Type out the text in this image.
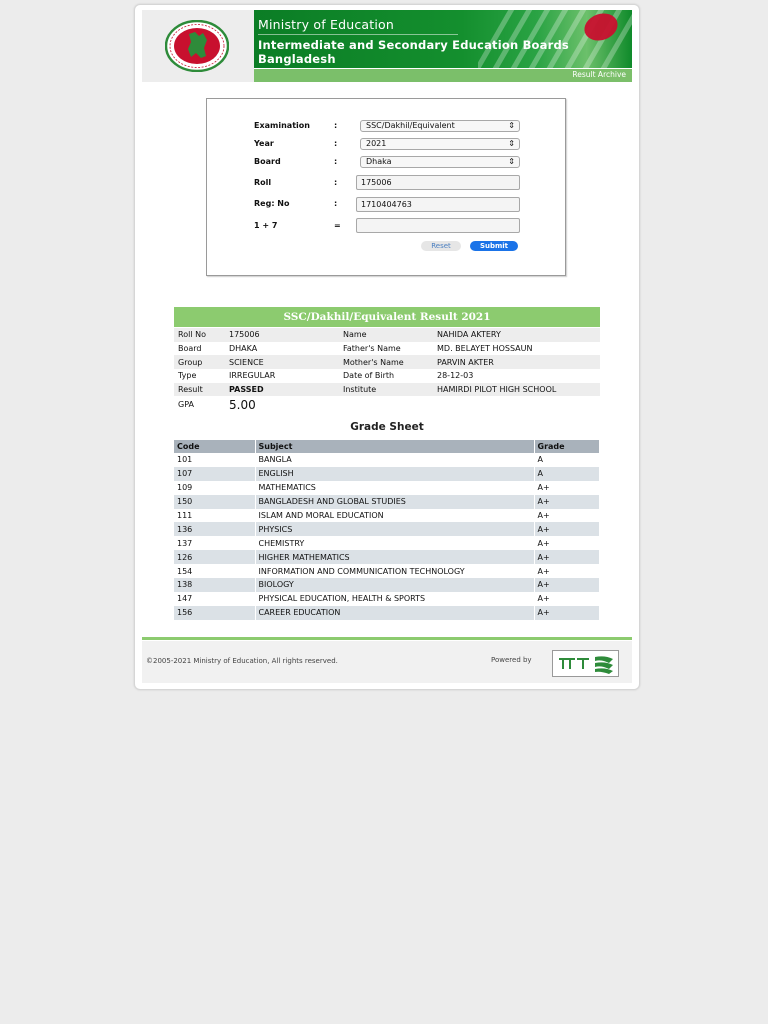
Ministry of Education
Intermediate and Secondary Education Boards Bangladesh
Result Archive
Examination	:	SSC/Dakhil/Equivalent	⇕
Year	:	2021	⇕
Board	:	Dhaka	⇕
Roll	:	175006
Reg: No	:	1710404763
1 + 7	=
Reset	Submit
SSC/Dakhil/Equivalent Result 2021
Roll No	175006	Name	NAHIDA AKTERY
Board	DHAKA	Father's Name	MD. BELAYET HOSSAUN
Group	SCIENCE	Mother's Name	PARVIN AKTER
Type	IRREGULAR	Date of Birth	28-12-03
Result	PASSED	Institute	HAMIRDI PILOT HIGH SCHOOL
GPA	5.00		
Grade Sheet
Code	Subject	Grade
101	BANGLA	A
107	ENGLISH	A
109	MATHEMATICS	A+
150	BANGLADESH AND GLOBAL STUDIES	A+
111	ISLAM AND MORAL EDUCATION	A+
136	PHYSICS	A+
137	CHEMISTRY	A+
126	HIGHER MATHEMATICS	A+
154	INFORMATION AND COMMUNICATION TECHNOLOGY	A+
138	BIOLOGY	A+
147	PHYSICAL EDUCATION, HEALTH & SPORTS	A+
156	CAREER EDUCATION	A+
©2005-2021 Ministry of Education, All rights reserved.	Powered by
